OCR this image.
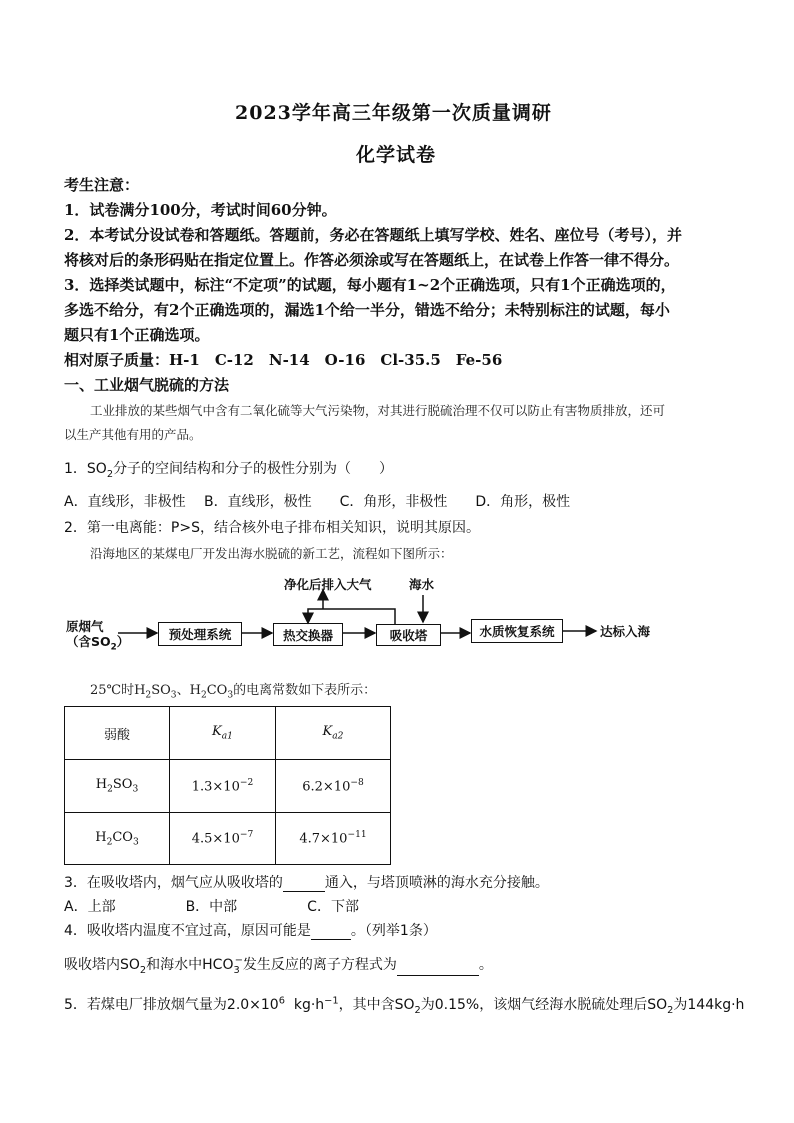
2023学年高三年级第一次质量调研
化学试卷
考生注意：
1．试卷满分100分，考试时间60分钟。
2．本考试分设试卷和答题纸。答题前，务必在答题纸上填写学校、姓名、座位号（考号），并
将核对后的条形码贴在指定位置上。作答必须涂或写在答题纸上，在试卷上作答一律不得分。
3．选择类试题中，标注“不定项”的试题，每小题有1~2个正确选项，只有1个正确选项的，
多选不给分，有2个正确选项的，漏选1个给一半分，错选不给分；未特别标注的试题，每小
题只有1个正确选项。
相对原子质量：H-1　C-12　N-14　O-16　Cl-35.5　Fe-56
一、工业烟气脱硫的方法
工业排放的某些烟气中含有二氧化硫等大气污染物，对其进行脱硫治理不仅可以防止有害物质排放，还可
以生产其他有用的产品。
1．$SO_2$分子的空间结构和分子的极性分别为（　　）
A．直线形，非极性　 B．直线形，极性　　C．角形，非极性　　D．角形，极性
2．第一电离能：P>S，结合核外电子排布相关知识，说明其原因。
沿海地区的某煤电厂开发出海水脱硫的新工艺，流程如下图所示：
原烟气
（含$SO_2$）	预处理系统	热交换器	吸收塔	水质恢复系统	达标入海
净化后排入大气	海水
25℃时$H_2SO_3$、$H_2CO_3$的电离常数如下表所示：
弱酸	$K_{a1}$	$K_{a2}$
$H_2SO_3$	$1.3\times 10^{-2}$	$6.2\times 10^{-8}$
$H_2CO_3$	$4.5\times 10^{-7}$	$4.7\times 10^{-11}$
3．在吸收塔内，烟气应从吸收塔的	通入，与塔顶喷淋的海水充分接触。
A．上部　　　　　B．中部　　　　　C．下部
4．吸收塔内温度不宜过高，原因可能是	。（列举1条）
吸收塔内$SO_2$和海水中$HCO_3^-$发生反应的离子方程式为	。
5．若煤电厂排放烟气量为$2.0\times 10^6$  $kg\cdot h^{-1}$，其中含$SO_2$为0.15%，该烟气经海水脱硫处理后$SO_2$为144kg·h
